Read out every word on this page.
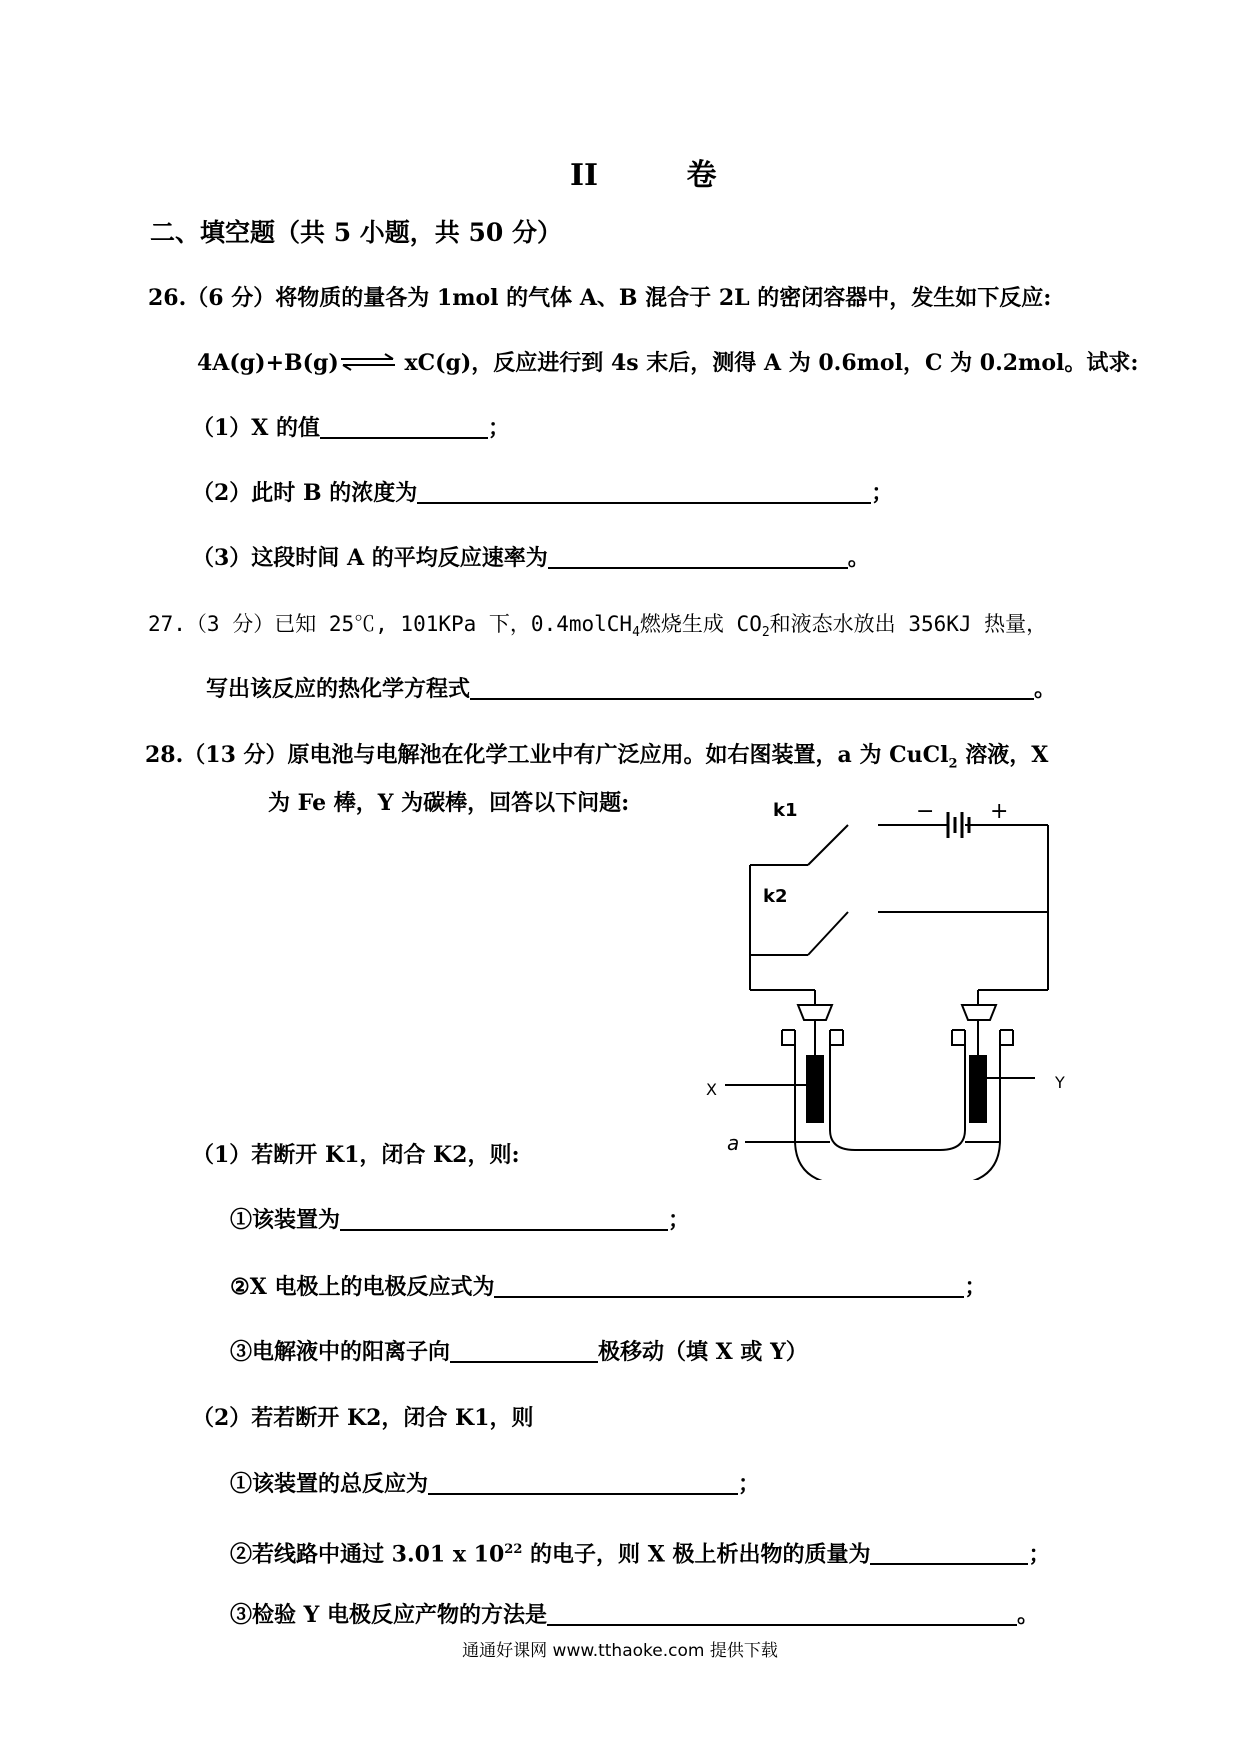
II	卷
二、填空题（共 5 小题，共 50 分）
26.（6 分）将物质的量各为 1mol 的气体 A、B 混合于 2L 的密闭容器中，发生如下反应:
4A(g)+B(g)⇌ xC(g)，反应进行到 4s 末后，测得 A 为 0.6mol，C 为 0.2mol。试求:
（1）X 的值	；
（2）此时 B 的浓度为	；
（3）这段时间 A 的平均反应速率为	。
27.（3 分）已知 25℃, 101KPa 下，0.4molCH$_4$燃烧生成 $CO_2$和液态水放出 356KJ 热量，
写出该反应的热化学方程式	。
28.（13 分）原电池与电解池在化学工业中有广泛应用。如右图装置，a 为 CuCl$_2$ 溶液，X
为 Fe 棒，Y 为碳棒，回答以下问题:
（1）若断开 K1，闭合 K2，则:
①该装置为	；
②X 电极上的电极反应式为	；
③电解液中的阳离子向	极移动（填 X 或 Y）
（2）若若断开 K2，闭合 K1，则
①该装置的总反应为	；
②若线路中通过 3.01 x $10^{22}$ 的电子，则 X 极上析出物的质量为	；
③检验 Y 电极反应产物的方法是	。
k1
k2
−	+
X	Y
a
通通好课网 www.tthaoke.com 提供下载
